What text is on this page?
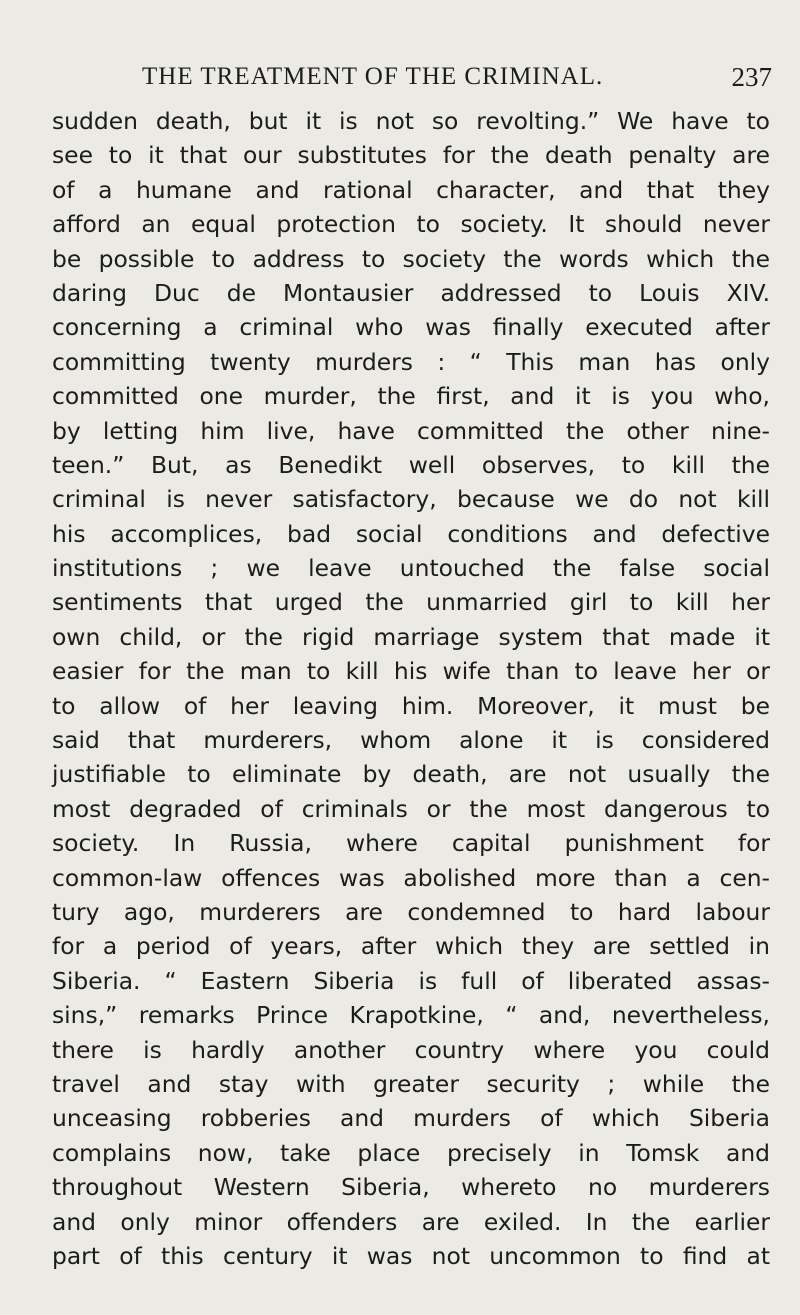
THE TREATMENT OF THE CRIMINAL.	237
sudden death, but it is not so revolting.” We have to
see to it that our substitutes for the death penalty are
of a humane and rational character, and that they
afford an equal protection to society. It should never
be possible to address to society the words which the
daring Duc de Montausier addressed to Louis XIV.
concerning a criminal who was finally executed after
committing twenty murders : “ This man has only
committed one murder, the first, and it is you who,
by letting him live, have committed the other nine-
teen.” But, as Benedikt well observes, to kill the
criminal is never satisfactory, because we do not kill
his accomplices, bad social conditions and defective
institutions ; we leave untouched the false social
sentiments that urged the unmarried girl to kill her
own child, or the rigid marriage system that made it
easier for the man to kill his wife than to leave her or
to allow of her leaving him. Moreover, it must be
said that murderers, whom alone it is considered
justifiable to eliminate by death, are not usually the
most degraded of criminals or the most dangerous to
society. In Russia, where capital punishment for
common-law offences was abolished more than a cen-
tury ago, murderers are condemned to hard labour
for a period of years, after which they are settled in
Siberia. “ Eastern Siberia is full of liberated assas-
sins,” remarks Prince Krapotkine, “ and, nevertheless,
there is hardly another country where you could
travel and stay with greater security ; while the
unceasing robberies and murders of which Siberia
complains now, take place precisely in Tomsk and
throughout Western Siberia, whereto no murderers
and only minor offenders are exiled. In the earlier
part of this century it was not uncommon to find at
